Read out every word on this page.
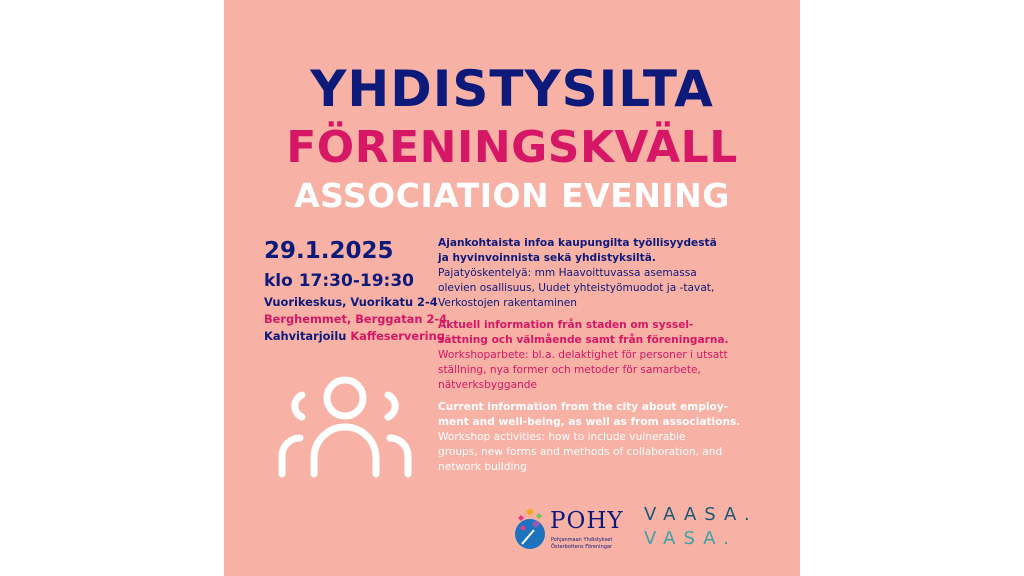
YHDISTYSILTA
FÖRENINGSKVÄLL
ASSOCIATION EVENING
29.1.2025
klo 17:30-19:30
Vuorikeskus, Vuorikatu 2-4
Berghemmet, Berggatan 2-4
Kahvitarjoilu Kaffeservering
Ajankohtaista infoa kaupungilta työllisyydestä
ja hyvinvoinnista sekä yhdistyksiltä.
Pajatyöskentelyä: mm Haavoittuvassa asemassa
olevien osallisuus, Uudet yhteistyömuodot ja -tavat,
Verkostojen rakentaminen
Aktuell information från staden om syssel-
sättning och välmående samt från föreningarna.
Workshoparbete: bl.a. delaktighet för personer i utsatt
ställning, nya former och metoder för samarbete,
nätverksbyggande
Current information from the city about employ-
ment and well-being, as well as from associations.
Workshop activities: how to include vulnerable
groups, new forms and methods of collaboration, and
network building
POHY
Pohjanmaan Yhdistykset
Österbottens Föreningar
VAASA.
VASA.
